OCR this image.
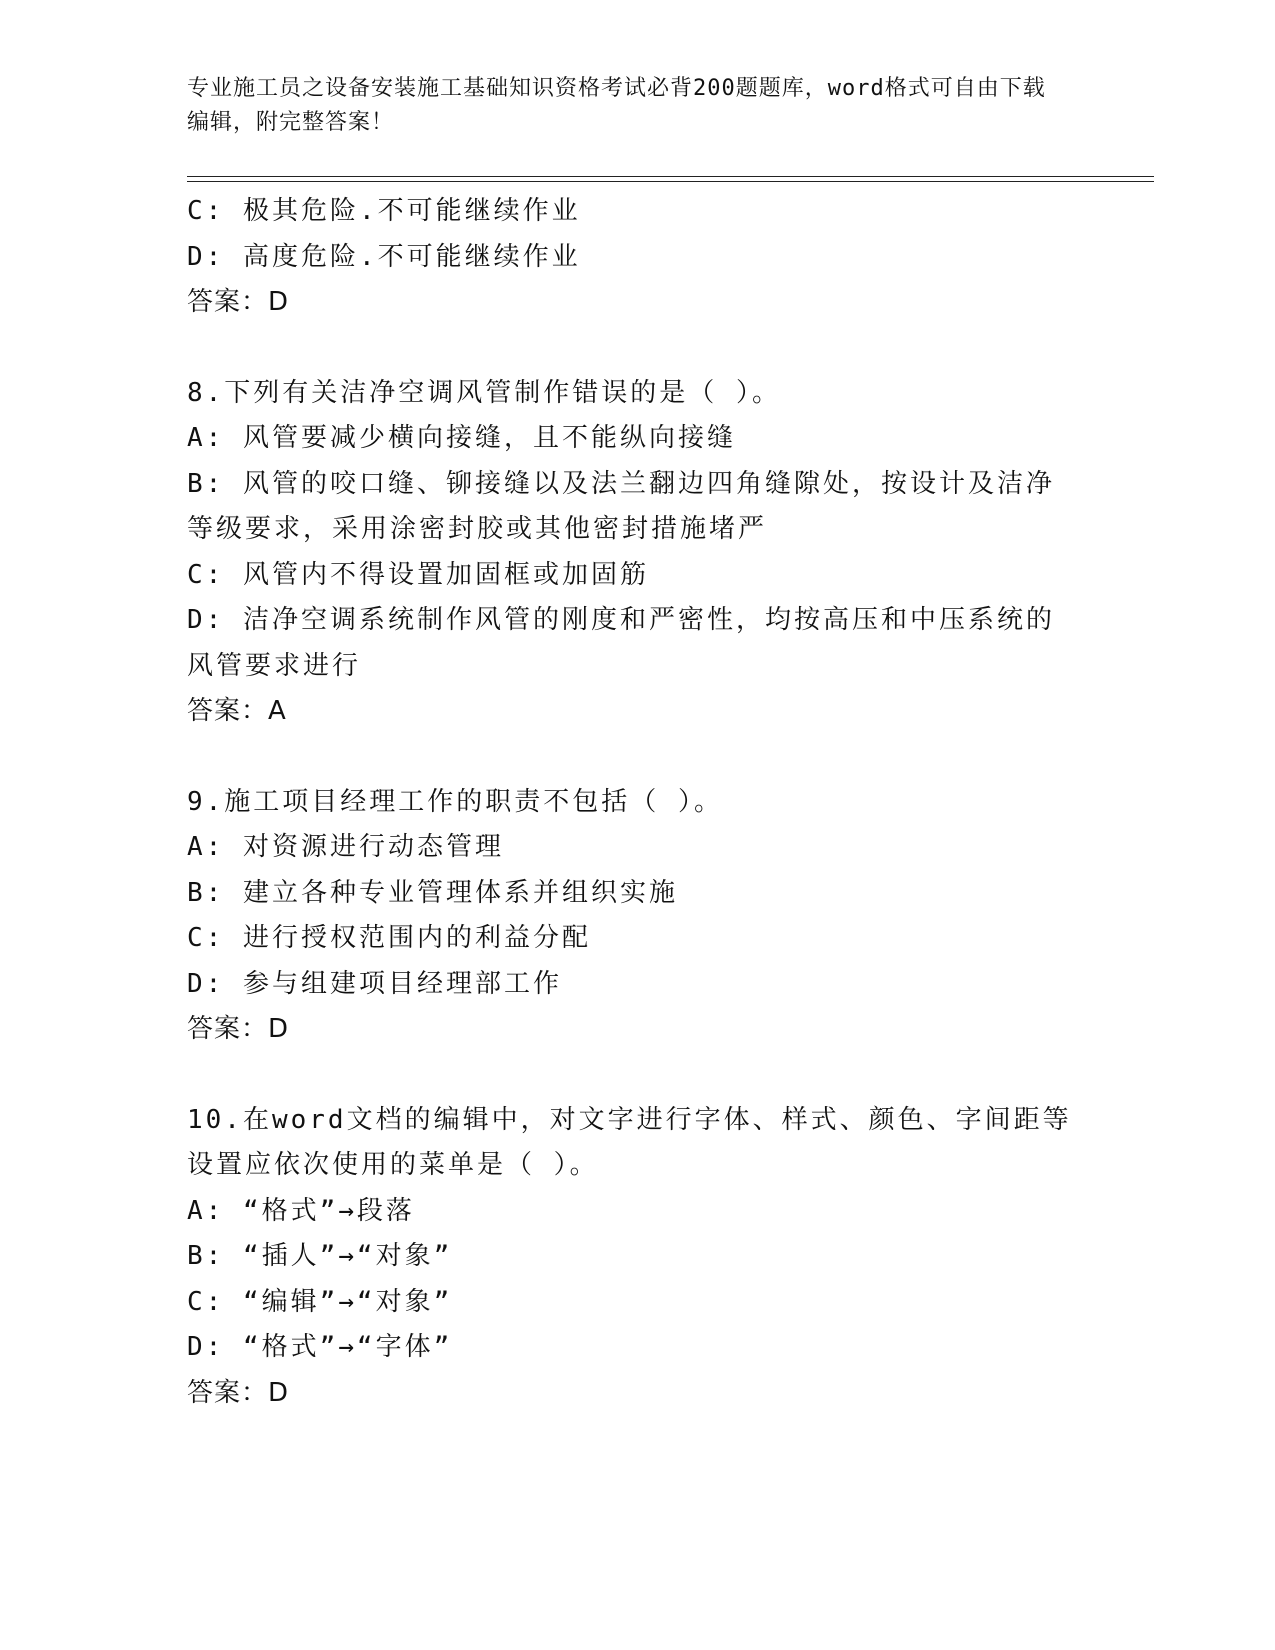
专业施工员之设备安装施工基础知识资格考试必背200题题库，word格式可自由下载编辑，附完整答案！
C: 极其危险.不可能继续作业
D: 高度危险.不可能继续作业
答案：D
8.下列有关洁净空调风管制作错误的是（ ）。
A: 风管要减少横向接缝，且不能纵向接缝
B: 风管的咬口缝、铆接缝以及法兰翻边四角缝隙处，按设计及洁净等级要求，采用涂密封胶或其他密封措施堵严
C: 风管内不得设置加固框或加固筋
D: 洁净空调系统制作风管的刚度和严密性，均按高压和中压系统的风管要求进行
答案：A
9.施工项目经理工作的职责不包括（ ）。
A: 对资源进行动态管理
B: 建立各种专业管理体系并组织实施
C: 进行授权范围内的利益分配
D: 参与组建项目经理部工作
答案：D
10.在word文档的编辑中，对文字进行字体、样式、颜色、字间距等设置应依次使用的菜单是（ ）。
A: “格式”→段落
B: “插人”→“对象”
C: “编辑”→“对象”
D: “格式”→“字体”
答案：D
